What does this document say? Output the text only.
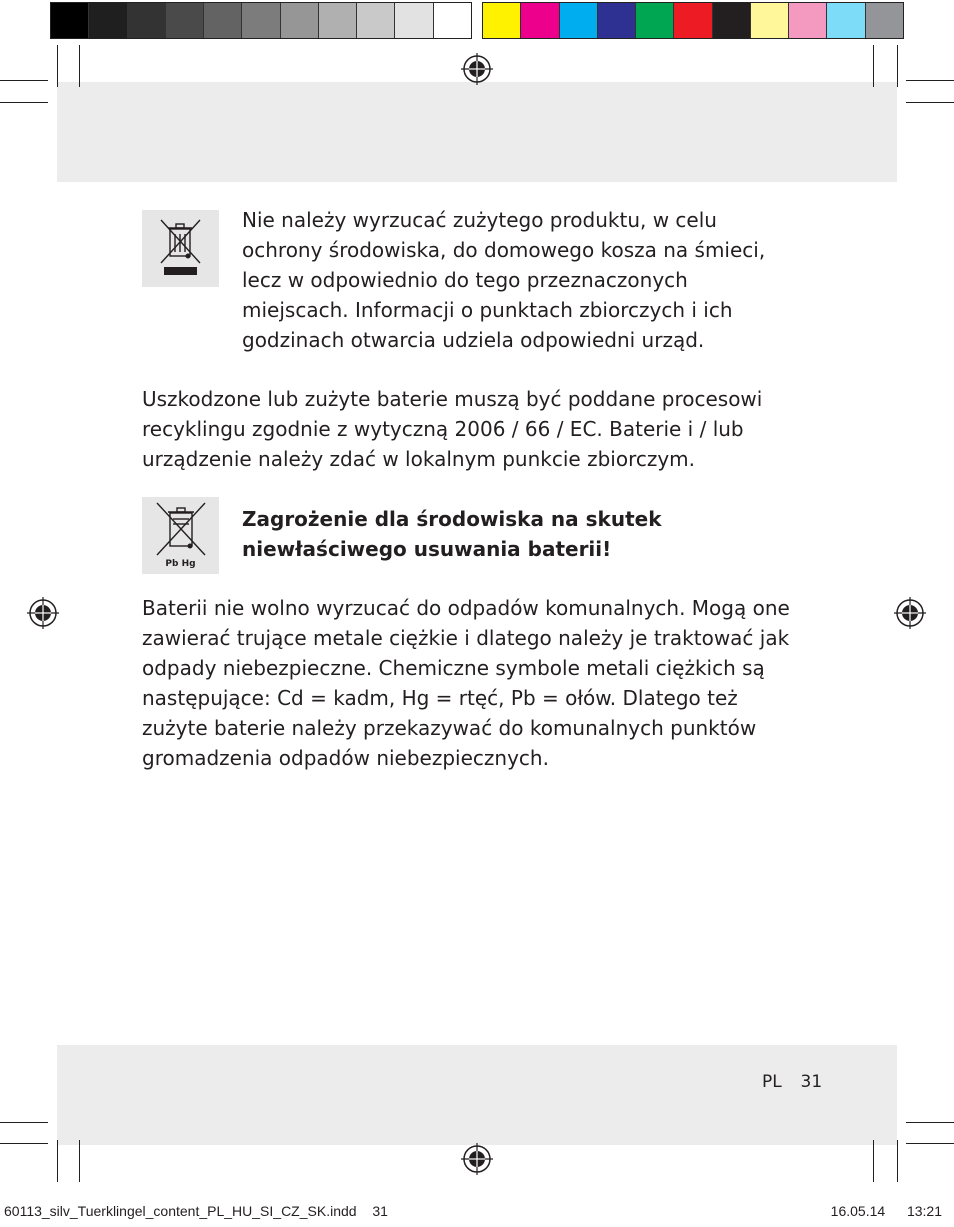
Nie należy wyrzucać zużytego produktu, w celu ochrony środowiska, do domowego kosza na śmieci, lecz w odpowiednio do tego przeznaczonych miejscach. Informacji o punktach zbiorczych i ich godzinach otwarcia udziela odpowiedni urząd.

Uszkodzone lub zużyte baterie muszą być poddane procesowi recyklingu zgodnie z wytyczną 2006 / 66 / EC. Baterie i / lub urządzenie należy zdać w lokalnym punkcie zbiorczym.

Pb Hg

Zagrożenie dla środowiska na skutek niewłaściwego usuwania baterii!

Baterii nie wolno wyrzucać do odpadów komunalnych. Mogą one zawierać trujące metale ciężkie i dlatego należy je traktować jak odpady niebezpieczne. Chemiczne symbole metali ciężkich są następujące: Cd = kadm, Hg = rtęć, Pb = ołów. Dlatego też zużyte baterie należy przekazywać do komunalnych punktów gromadzenia odpadów niebezpiecznych.

PL 31
60113_silv_Tuerklingel_content_PL_HU_SI_CZ_SK.indd 31	16.05.14 13:21
